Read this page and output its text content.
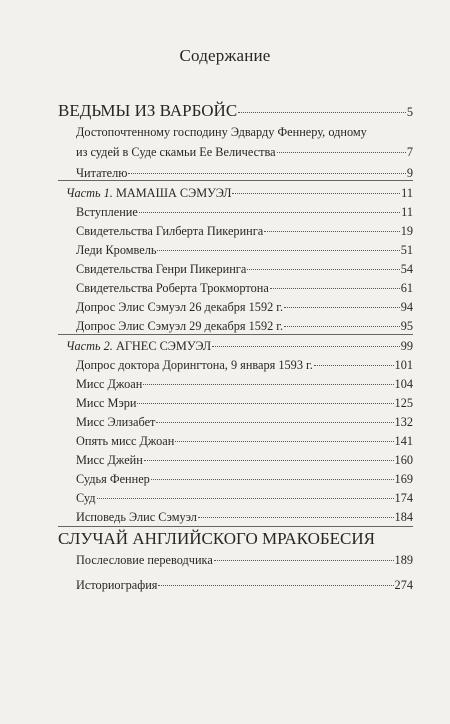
Содержание
ВЕДЬМЫ ИЗ ВАРБОЙС	5
Достопочтенному господину Эдварду Феннеру, одному
из судей в Суде скамьи Ее Величества	7
Читателю	9
Часть 1. МАМАША СЭМУЭЛ	11
Вступление	11
Свидетельства Гилберта Пикеринга	19
Леди Кромвель	51
Свидетельства Генри Пикеринга	54
Свидетельства Роберта Трокмортона	61
Допрос Элис Сэмуэл 26 декабря 1592 г.	94
Допрос Элис Сэмуэл 29 декабря 1592 г.	95
Часть 2. АГНЕС СЭМУЭЛ	99
Допрос доктора Дорингтона, 9 января 1593 г.	101
Мисс Джоан	104
Мисс Мэри	125
Мисс Элизабет	132
Опять мисс Джоан	141
Мисс Джейн	160
Судья Феннер	169
Суд	174
Исповедь Элис Сэмуэл	184
СЛУЧАЙ АНГЛИЙСКОГО МРАКОБЕСИЯ
Послесловие переводчика	189
Историография	274
